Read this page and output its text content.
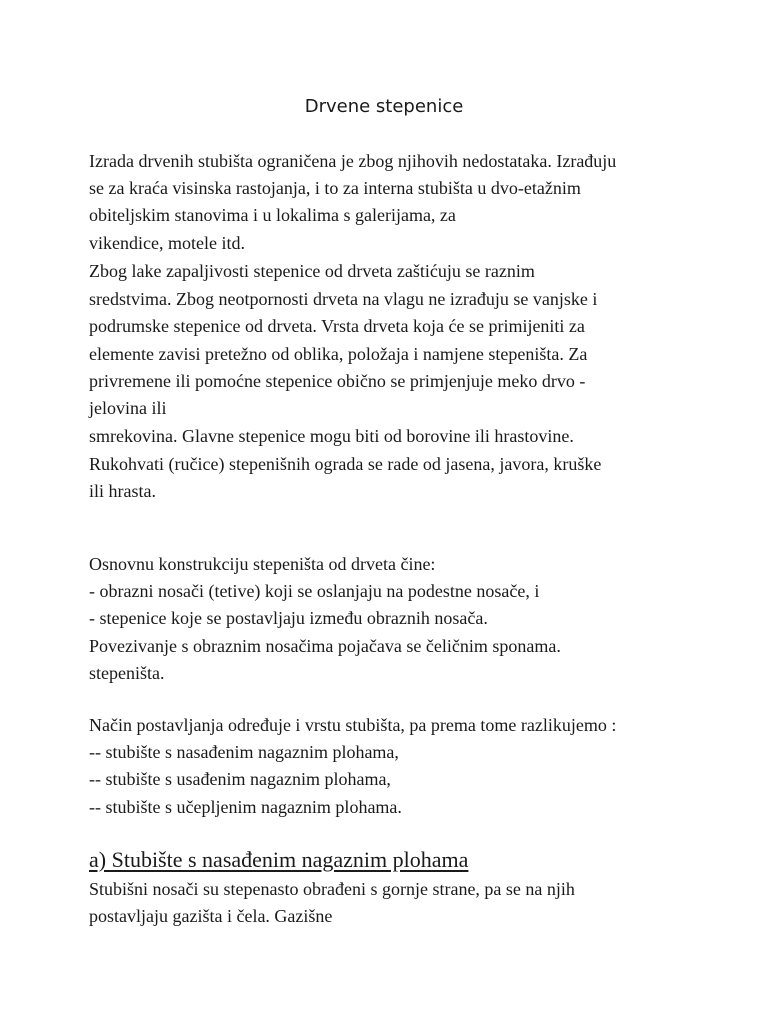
Drvene stepenice
Izrada drvenih stubišta ograničena je zbog njihovih nedostataka. Izrađuju
se za kraća visinska rastojanja, i to za interna stubišta u dvo-etažnim
obiteljskim stanovima i u lokalima s galerijama, za
vikendice, motele itd.
Zbog lake zapaljivosti stepenice od drveta zaštićuju se raznim
sredstvima. Zbog neotpornosti drveta na vlagu ne izrađuju se vanjske i
podrumske stepenice od drveta. Vrsta drveta koja će se primijeniti za
elemente zavisi pretežno od oblika, položaja i namjene stepeništa. Za
privremene ili pomoćne stepenice obično se primjenjuje meko drvo -
jelovina ili
smrekovina. Glavne stepenice mogu biti od borovine ili hrastovine.
Rukohvati (ručice) stepenišnih ograda se rade od jasena, javora, kruške
ili hrasta.
Osnovnu konstrukciju stepeništa od drveta čine:
- obrazni nosači (tetive) koji se oslanjaju na podestne nosače, i
- stepenice koje se postavljaju između obraznih nosača.
Povezivanje s obraznim nosačima pojačava se čeličnim sponama.
stepeništa.
Način postavljanja određuje i vrstu stubišta, pa prema tome razlikujemo :
-- stubište s nasađenim nagaznim plohama,
-- stubište s usađenim nagaznim plohama,
-- stubište s učepljenim nagaznim plohama.
a) Stubište s nasađenim nagaznim plohama
Stubišni nosači su stepenasto obrađeni s gornje strane, pa se na njih
postavljaju gazišta i čela. Gazišne
